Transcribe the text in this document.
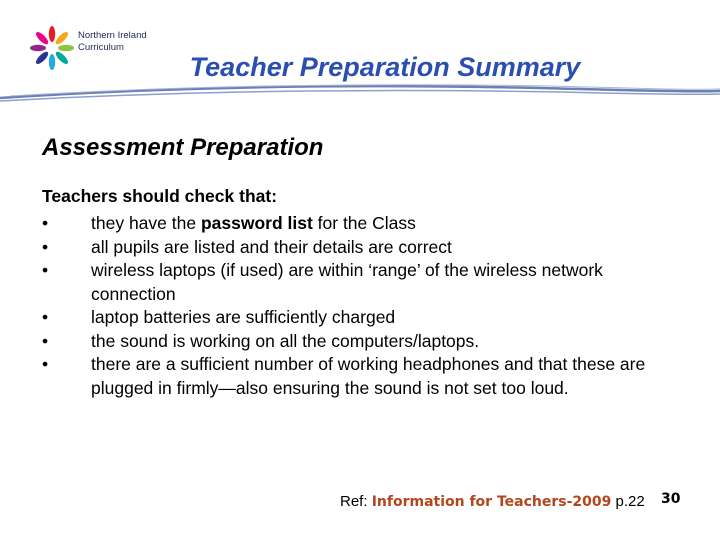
Northern Ireland
Curriculum
Teacher Preparation Summary
Assessment Preparation
Teachers should check that:
• they have the password list for the Class
• all pupils are listed and their details are correct
• wireless laptops (if used) are within ‘range’ of the wireless network connection
• laptop batteries are sufficiently charged
• the sound is working on all the computers/laptops.
• there are a sufficient number of working headphones and that these are plugged in firmly—also ensuring the sound is not set too loud.
Ref: Information for Teachers-2009 p.22 30
